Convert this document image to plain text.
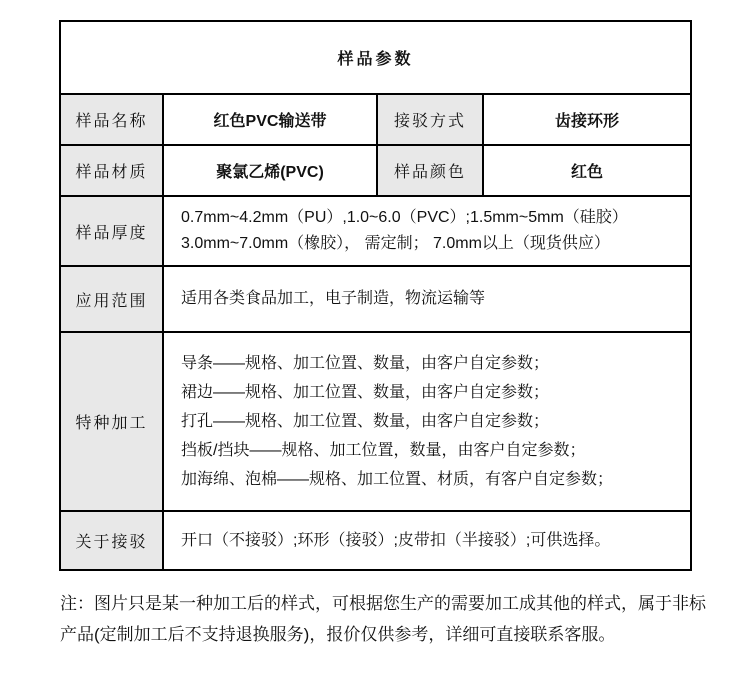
样品参数			
样品名称	红色PVC输送带	接驳方式	齿接环形
样品材质	聚氯乙烯(PVC)	样品颜色	红色
样品厚度	0.7mm~4.2mm（PU）,1.0~6.0（PVC）;1.5mm~5mm（硅胶）
3.0mm~7.0mm（橡胶）， 需定制； 7.0mm以上（现货供应）		

应用范围	适用各类食品加工，电子制造，物流运输等		

特种加工	导条——规格、加工位置、数量，由客户自定参数；
裙边——规格、加工位置、数量，由客户自定参数；
打孔——规格、加工位置、数量，由客户自定参数；
挡板/挡块——规格、加工位置，数量，由客户自定参数；
加海绵、泡棉——规格、加工位置、材质，有客户自定参数；		

关于接驳	开口（不接驳）;环形（接驳）;皮带扣（半接驳）;可供选择。		
注：图片只是某一种加工后的样式，可根据您生产的需要加工成其他的样式，属于非标
产品(定制加工后不支持退换服务)，报价仅供参考，详细可直接联系客服。
